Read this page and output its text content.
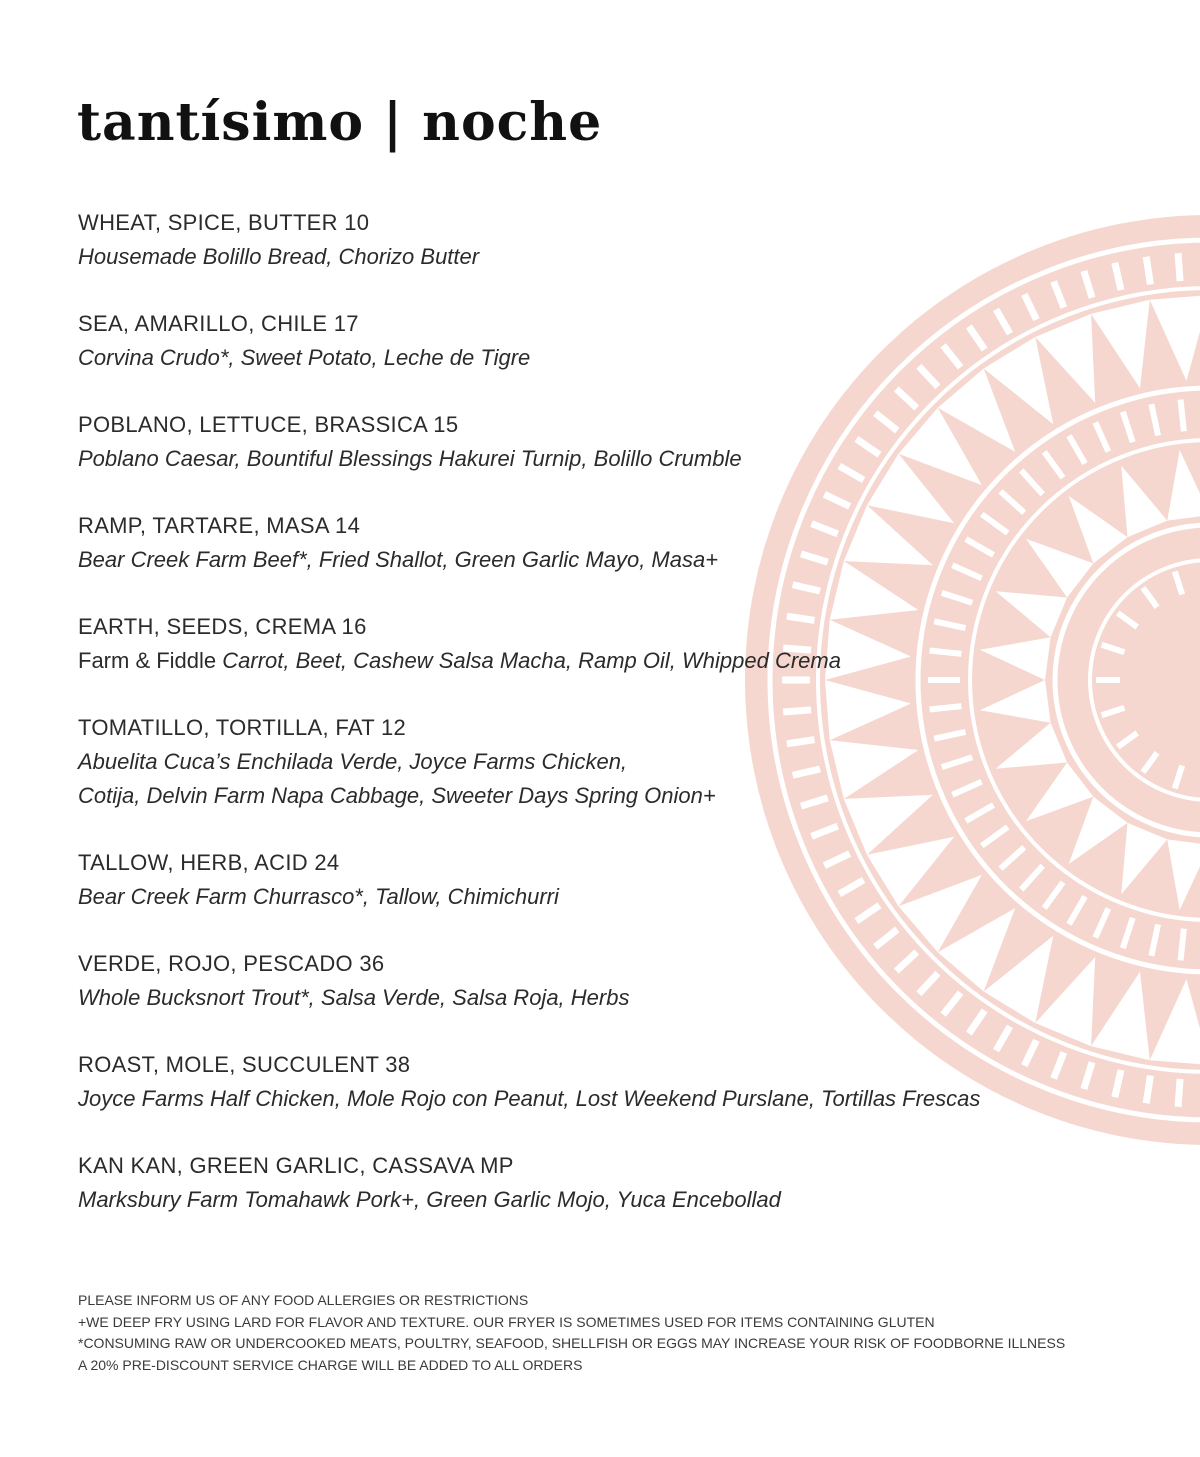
tantísimo | noche
WHEAT, SPICE, BUTTER 10
Housemade Bolillo Bread, Chorizo Butter
SEA, AMARILLO, CHILE 17
Corvina Crudo*, Sweet Potato, Leche de Tigre
POBLANO, LETTUCE, BRASSICA 15
Poblano Caesar, Bountiful Blessings Hakurei Turnip, Bolillo Crumble
RAMP, TARTARE, MASA 14
Bear Creek Farm Beef*, Fried Shallot, Green Garlic Mayo, Masa+
EARTH, SEEDS, CREMA 16
Farm & Fiddle Carrot, Beet, Cashew Salsa Macha, Ramp Oil, Whipped Crema
TOMATILLO, TORTILLA, FAT 12
Abuelita Cuca’s Enchilada Verde, Joyce Farms Chicken,
Cotija, Delvin Farm Napa Cabbage, Sweeter Days Spring Onion+
TALLOW, HERB, ACID 24
Bear Creek Farm Churrasco*, Tallow, Chimichurri
VERDE, ROJO, PESCADO 36
Whole Bucksnort Trout*, Salsa Verde, Salsa Roja, Herbs
ROAST, MOLE, SUCCULENT 38
Joyce Farms Half Chicken, Mole Rojo con Peanut, Lost Weekend Purslane, Tortillas Frescas
KAN KAN, GREEN GARLIC, CASSAVA MP
Marksbury Farm Tomahawk Pork+, Green Garlic Mojo, Yuca Encebollad
PLEASE INFORM US OF ANY FOOD ALLERGIES OR RESTRICTIONS
+WE DEEP FRY USING LARD FOR FLAVOR AND TEXTURE. OUR FRYER IS SOMETIMES USED FOR ITEMS CONTAINING GLUTEN
*CONSUMING RAW OR UNDERCOOKED MEATS, POULTRY, SEAFOOD, SHELLFISH OR EGGS MAY INCREASE YOUR RISK OF FOODBORNE ILLNESS
A 20% PRE-DISCOUNT SERVICE CHARGE WILL BE ADDED TO ALL ORDERS
